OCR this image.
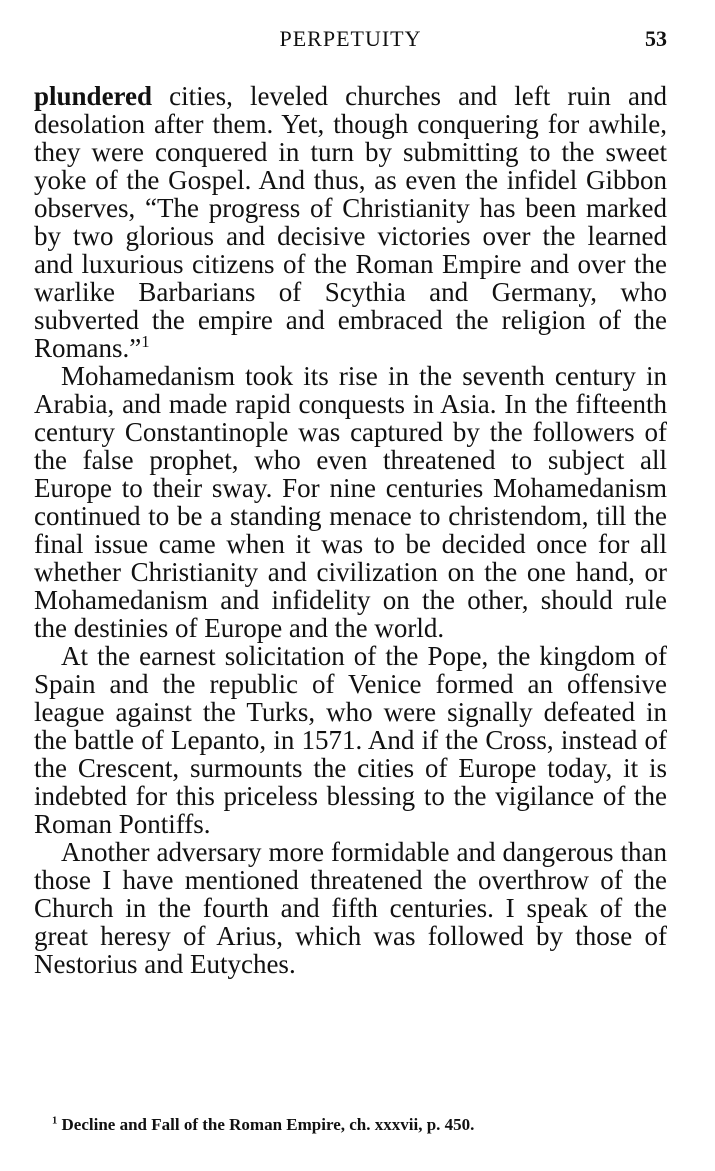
PERPETUITY	53

plundered cities, leveled churches and left ruin and desolation after them. Yet, though conquering for awhile, they were conquered in turn by submitting to the sweet yoke of the Gospel. And thus, as even the infidel Gibbon observes, “The progress of Christianity has been marked by two glorious and decisive victories over the learned and luxurious citizens of the Roman Empire and over the warlike Barbarians of Scythia and Germany, who subverted the empire and embraced the religion of the Romans.”$^1$

Mohamedanism took its rise in the seventh century in Arabia, and made rapid conquests in Asia. In the fifteenth century Constantinople was captured by the followers of the false prophet, who even threatened to subject all Europe to their sway. For nine centuries Mohamedanism continued to be a standing menace to christendom, till the final issue came when it was to be decided once for all whether Christianity and civilization on the one hand, or Mohamedanism and infidelity on the other, should rule the destinies of Europe and the world.

At the earnest solicitation of the Pope, the kingdom of Spain and the republic of Venice formed an offensive league against the Turks, who were signally defeated in the battle of Lepanto, in 1571. And if the Cross, instead of the Crescent, surmounts the cities of Europe today, it is indebted for this priceless blessing to the vigilance of the Roman Pontiffs.

Another adversary more formidable and dangerous than those I have mentioned threatened the overthrow of the Church in the fourth and fifth centuries. I speak of the great heresy of Arius, which was followed by those of Nestorius and Eutyches.

$^1$ Decline and Fall of the Roman Empire, ch. xxxvii, p. 450.
